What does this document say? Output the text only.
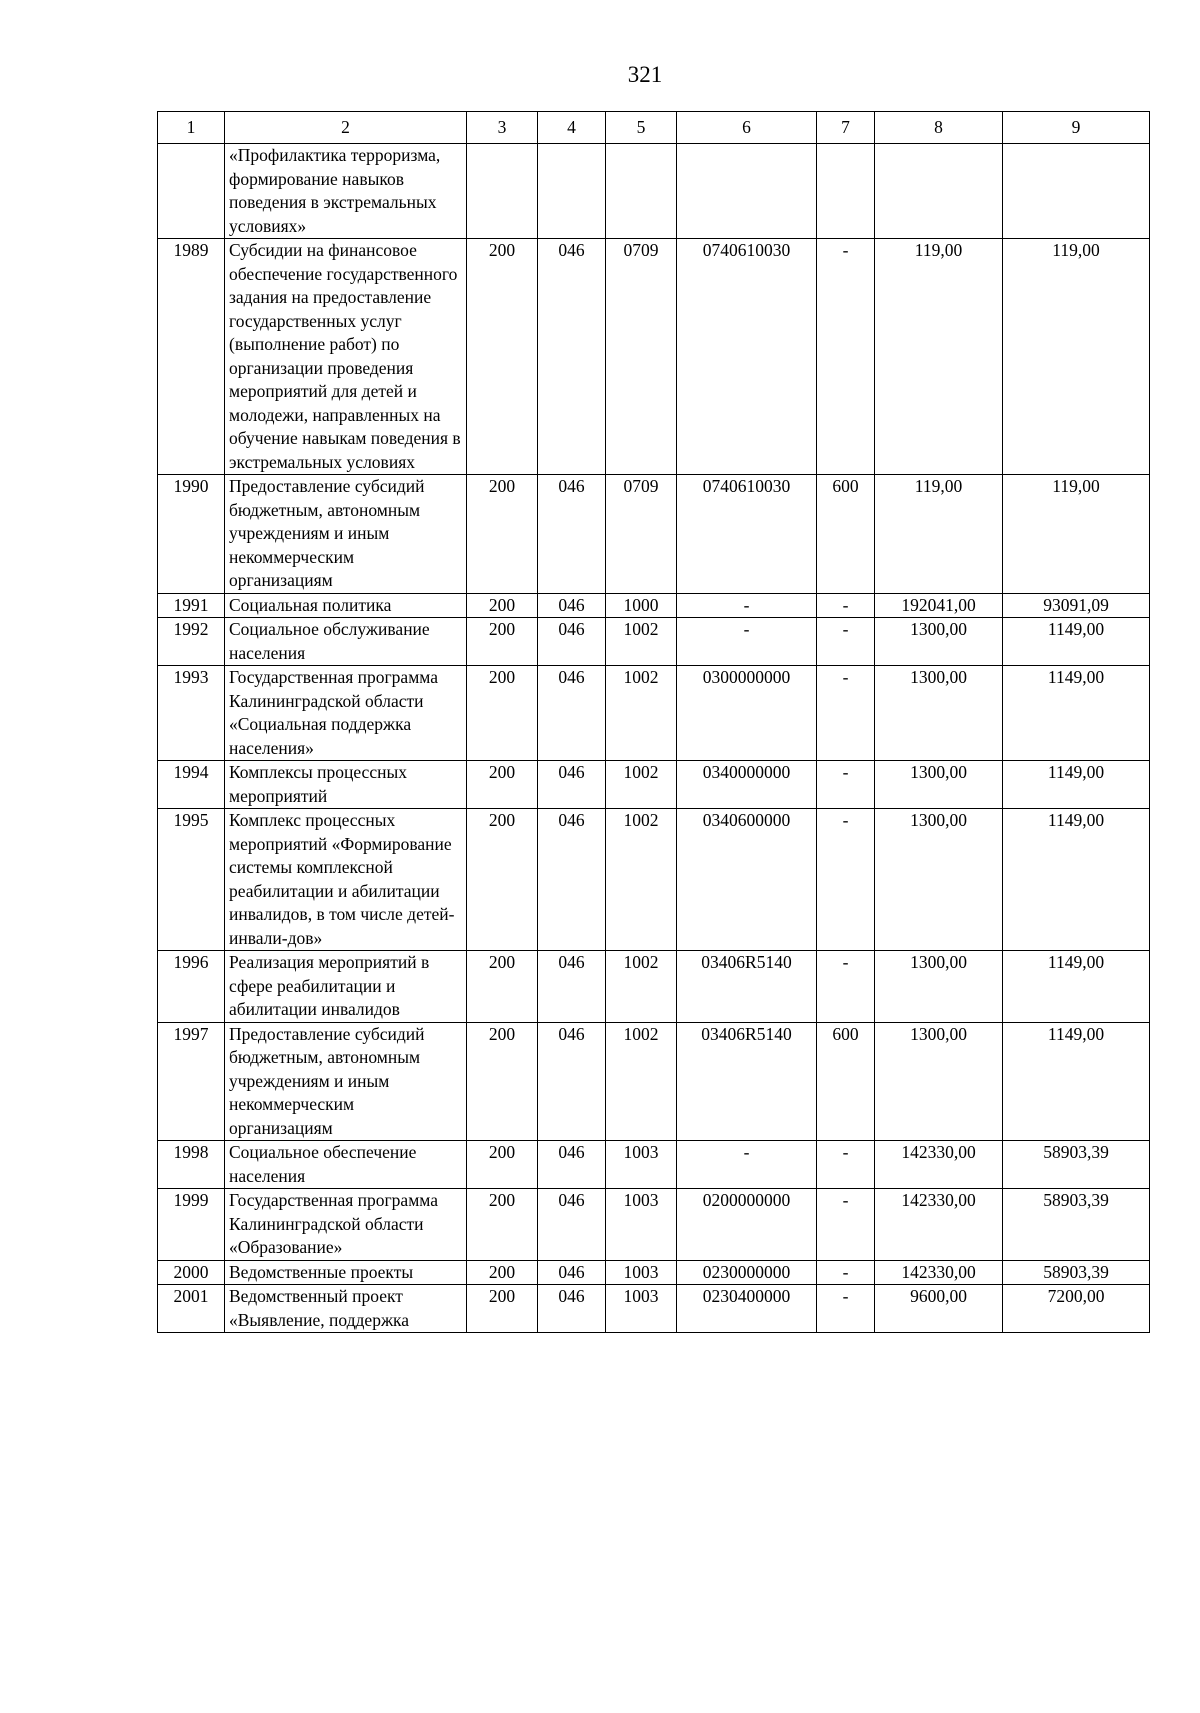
321
1	2	3	4	5	6	7	8	9
	«Профилактика терроризма, формирование навыков поведения в экстремальных условиях»							
1989	Субсидии на финансовое обеспечение государственного задания на предоставление государственных услуг (выполнение работ) по организации проведения мероприятий для детей и молодежи, направленных на обучение навыкам поведения в экстремальных условиях	200	046	0709	0740610030	-	119,00	119,00
1990	Предоставление субсидий бюджетным, автономным учреждениям и иным некоммерческим организациям	200	046	0709	0740610030	600	119,00	119,00
1991	Социальная политика	200	046	1000	-	-	192041,00	93091,09
1992	Социальное обслуживание населения	200	046	1002	-	-	1300,00	1149,00
1993	Государственная программа Калининградской области «Социальная поддержка населения»	200	046	1002	0300000000	-	1300,00	1149,00
1994	Комплексы процессных мероприятий	200	046	1002	0340000000	-	1300,00	1149,00
1995	Комплекс процессных мероприятий «Формирование системы комплексной реабилитации и абилитации инвалидов, в том числе детей-инвали-дов»	200	046	1002	0340600000	-	1300,00	1149,00
1996	Реализация мероприятий в сфере реабилитации и абилитации инвалидов	200	046	1002	03406R5140	-	1300,00	1149,00
1997	Предоставление субсидий бюджетным, автономным учреждениям и иным некоммерческим организациям	200	046	1002	03406R5140	600	1300,00	1149,00
1998	Социальное обеспечение населения	200	046	1003	-	-	142330,00	58903,39
1999	Государственная программа Калининградской области «Образование»	200	046	1003	0200000000	-	142330,00	58903,39
2000	Ведомственные проекты	200	046	1003	0230000000	-	142330,00	58903,39
2001	Ведомственный проект «Выявление, поддержка	200	046	1003	0230400000	-	9600,00	7200,00
